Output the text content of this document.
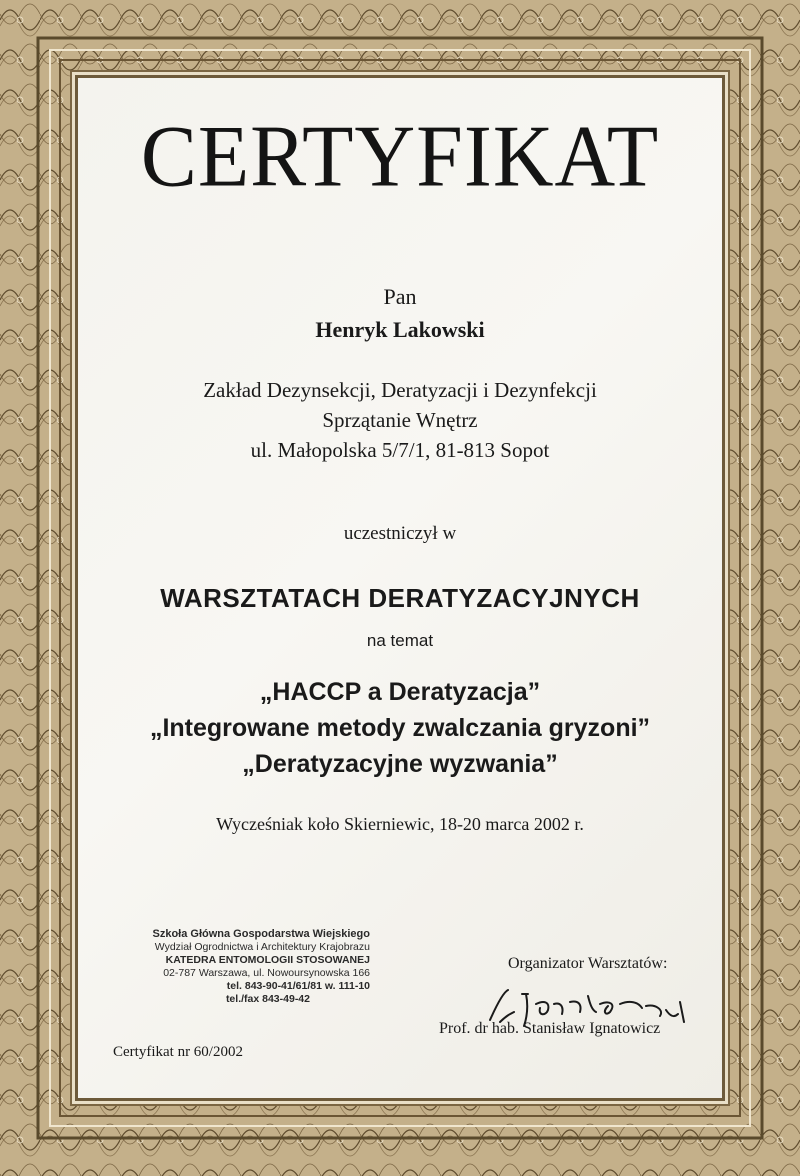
CERTYFIKAT
Pan
Henryk Lakowski
Zakład Dezynsekcji, Deratyzacji i Dezynfekcji
Sprzątanie Wnętrz
ul. Małopolska 5/7/1, 81-813 Sopot
uczestniczył w
WARSZTATACH DERATYZACYJNYCH
na temat
„HACCP a Deratyzacja”
„Integrowane metody zwalczania gryzoni”
„Deratyzacyjne wyzwania”
Wycześniak koło Skierniewic, 18-20 marca 2002 r.
Szkoła Główna Gospodarstwa Wiejskiego
Wydział Ogrodnictwa i Architektury Krajobrazu
KATEDRA ENTOMOLOGII STOSOWANEJ
02-787 Warszawa, ul. Nowoursynowska 166
tel. 843-90-41/61/81 w. 111-10
tel./fax 843-49-42
Organizator Warsztatów:
Prof. dr hab. Stanisław Ignatowicz
Certyfikat nr 60/2002
